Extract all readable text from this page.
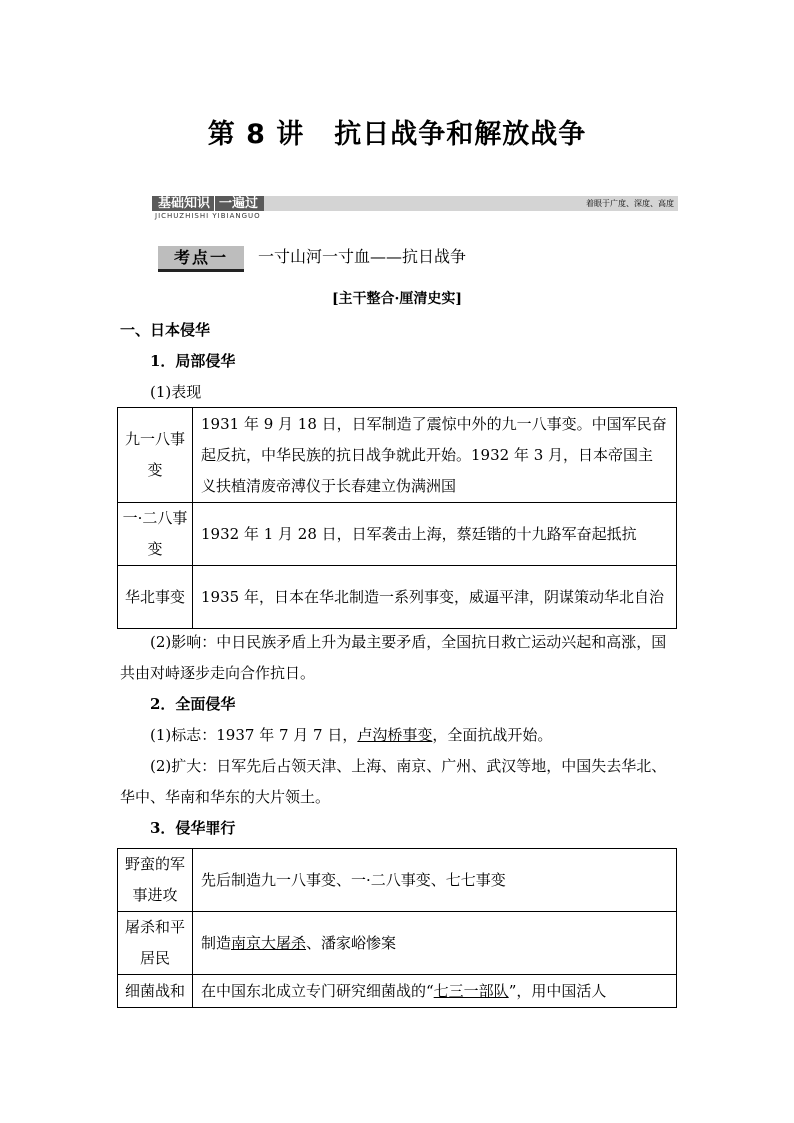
第 8 讲 抗日战争和解放战争
基础知识 一遍过	着眼于广度、深度、高度
JICHUZHISHI YIBIANGUO
考点一	一寸山河一寸血——抗日战争
[主干整合·厘清史实]
一、日本侵华
1．局部侵华
(1)表现
九一八事变	1931 年 9 月 18 日，日军制造了震惊中外的九一八事变。中国军民奋起反抗，中华民族的抗日战争就此开始。1932 年 3 月，日本帝国主义扶植清废帝溥仪于长春建立伪满洲国
一·二八事变	1932 年 1 月 28 日，日军袭击上海，蔡廷锴的十九路军奋起抵抗
华北事变	1935 年，日本在华北制造一系列事变，威逼平津，阴谋策动华北自治
(2)影响：中日民族矛盾上升为最主要矛盾，全国抗日救亡运动兴起和高涨，国共由对峙逐步走向合作抗日。
2．全面侵华
(1)标志：1937 年 7 月 7 日，卢沟桥事变，全面抗战开始。
(2)扩大：日军先后占领天津、上海、南京、广州、武汉等地，中国失去华北、华中、华南和华东的大片领土。
3．侵华罪行
野蛮的军事进攻	先后制造九一八事变、一·二八事变、七七事变
屠杀和平居民	制造南京大屠杀、潘家峪惨案
细菌战和	在中国东北成立专门研究细菌战的“七三一部队”，用中国活人
